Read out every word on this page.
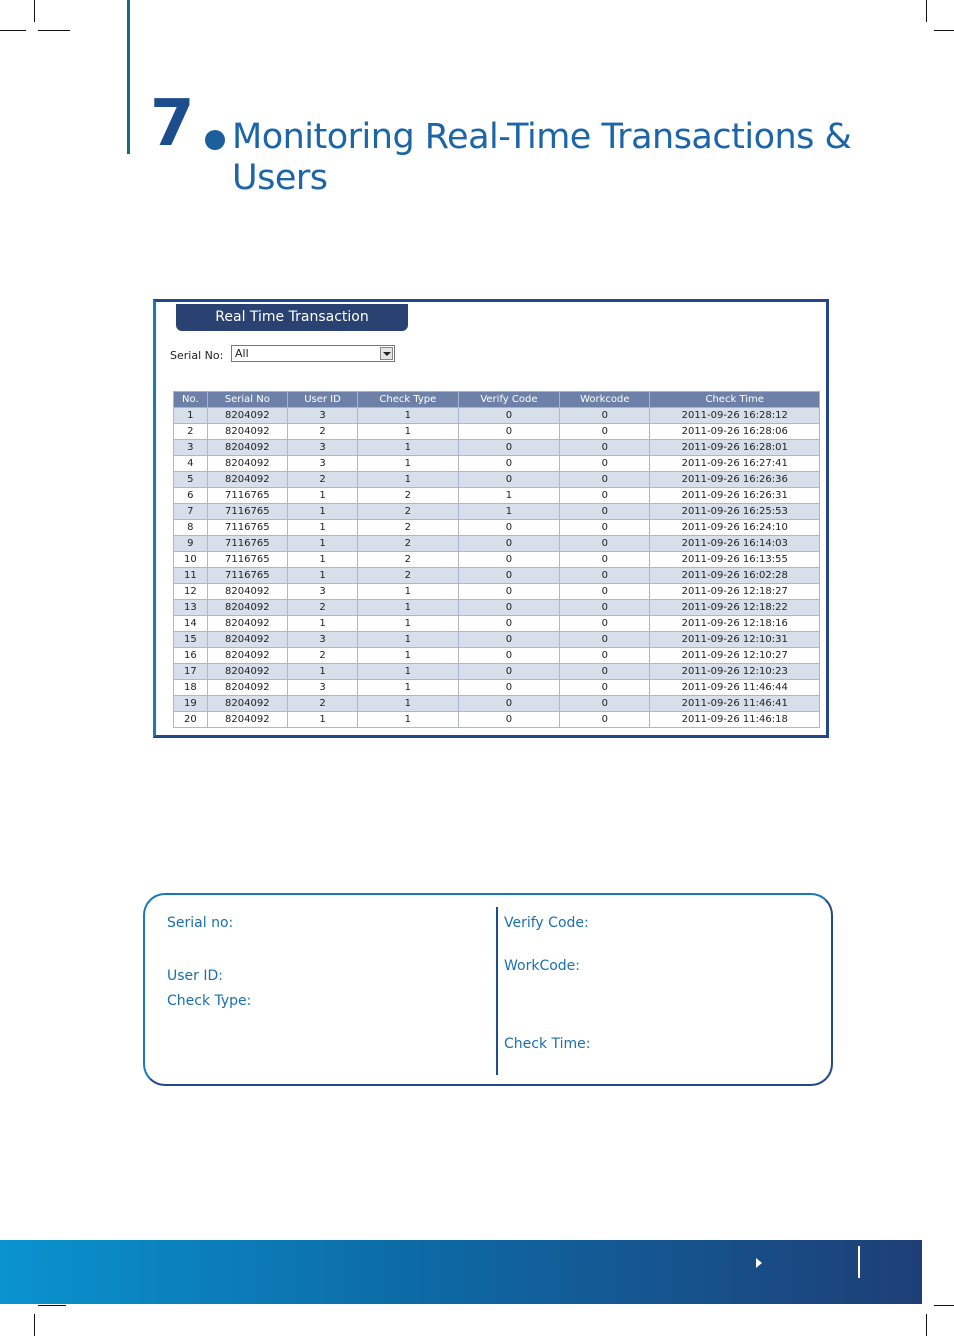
7 Monitoring Real-Time Transactions & Users
Real Time Transaction
Serial No: All
No.	Serial No	User ID	Check Type	Verify Code	Workcode	Check Time
1	8204092	3	1	0	0	2011-09-26 16:28:12
2	8204092	2	1	0	0	2011-09-26 16:28:06
3	8204092	3	1	0	0	2011-09-26 16:28:01
4	8204092	3	1	0	0	2011-09-26 16:27:41
5	8204092	2	1	0	0	2011-09-26 16:26:36
6	7116765	1	2	1	0	2011-09-26 16:26:31
7	7116765	1	2	1	0	2011-09-26 16:25:53
8	7116765	1	2	0	0	2011-09-26 16:24:10
9	7116765	1	2	0	0	2011-09-26 16:14:03
10	7116765	1	2	0	0	2011-09-26 16:13:55
11	7116765	1	2	0	0	2011-09-26 16:02:28
12	8204092	3	1	0	0	2011-09-26 12:18:27
13	8204092	2	1	0	0	2011-09-26 12:18:22
14	8204092	1	1	0	0	2011-09-26 12:18:16
15	8204092	3	1	0	0	2011-09-26 12:10:31
16	8204092	2	1	0	0	2011-09-26 12:10:27
17	8204092	1	1	0	0	2011-09-26 12:10:23
18	8204092	3	1	0	0	2011-09-26 11:46:44
19	8204092	2	1	0	0	2011-09-26 11:46:41
20	8204092	1	1	0	0	2011-09-26 11:46:18
Serial no:
User ID:
Check Type:
Verify Code:
WorkCode:
Check Time:
